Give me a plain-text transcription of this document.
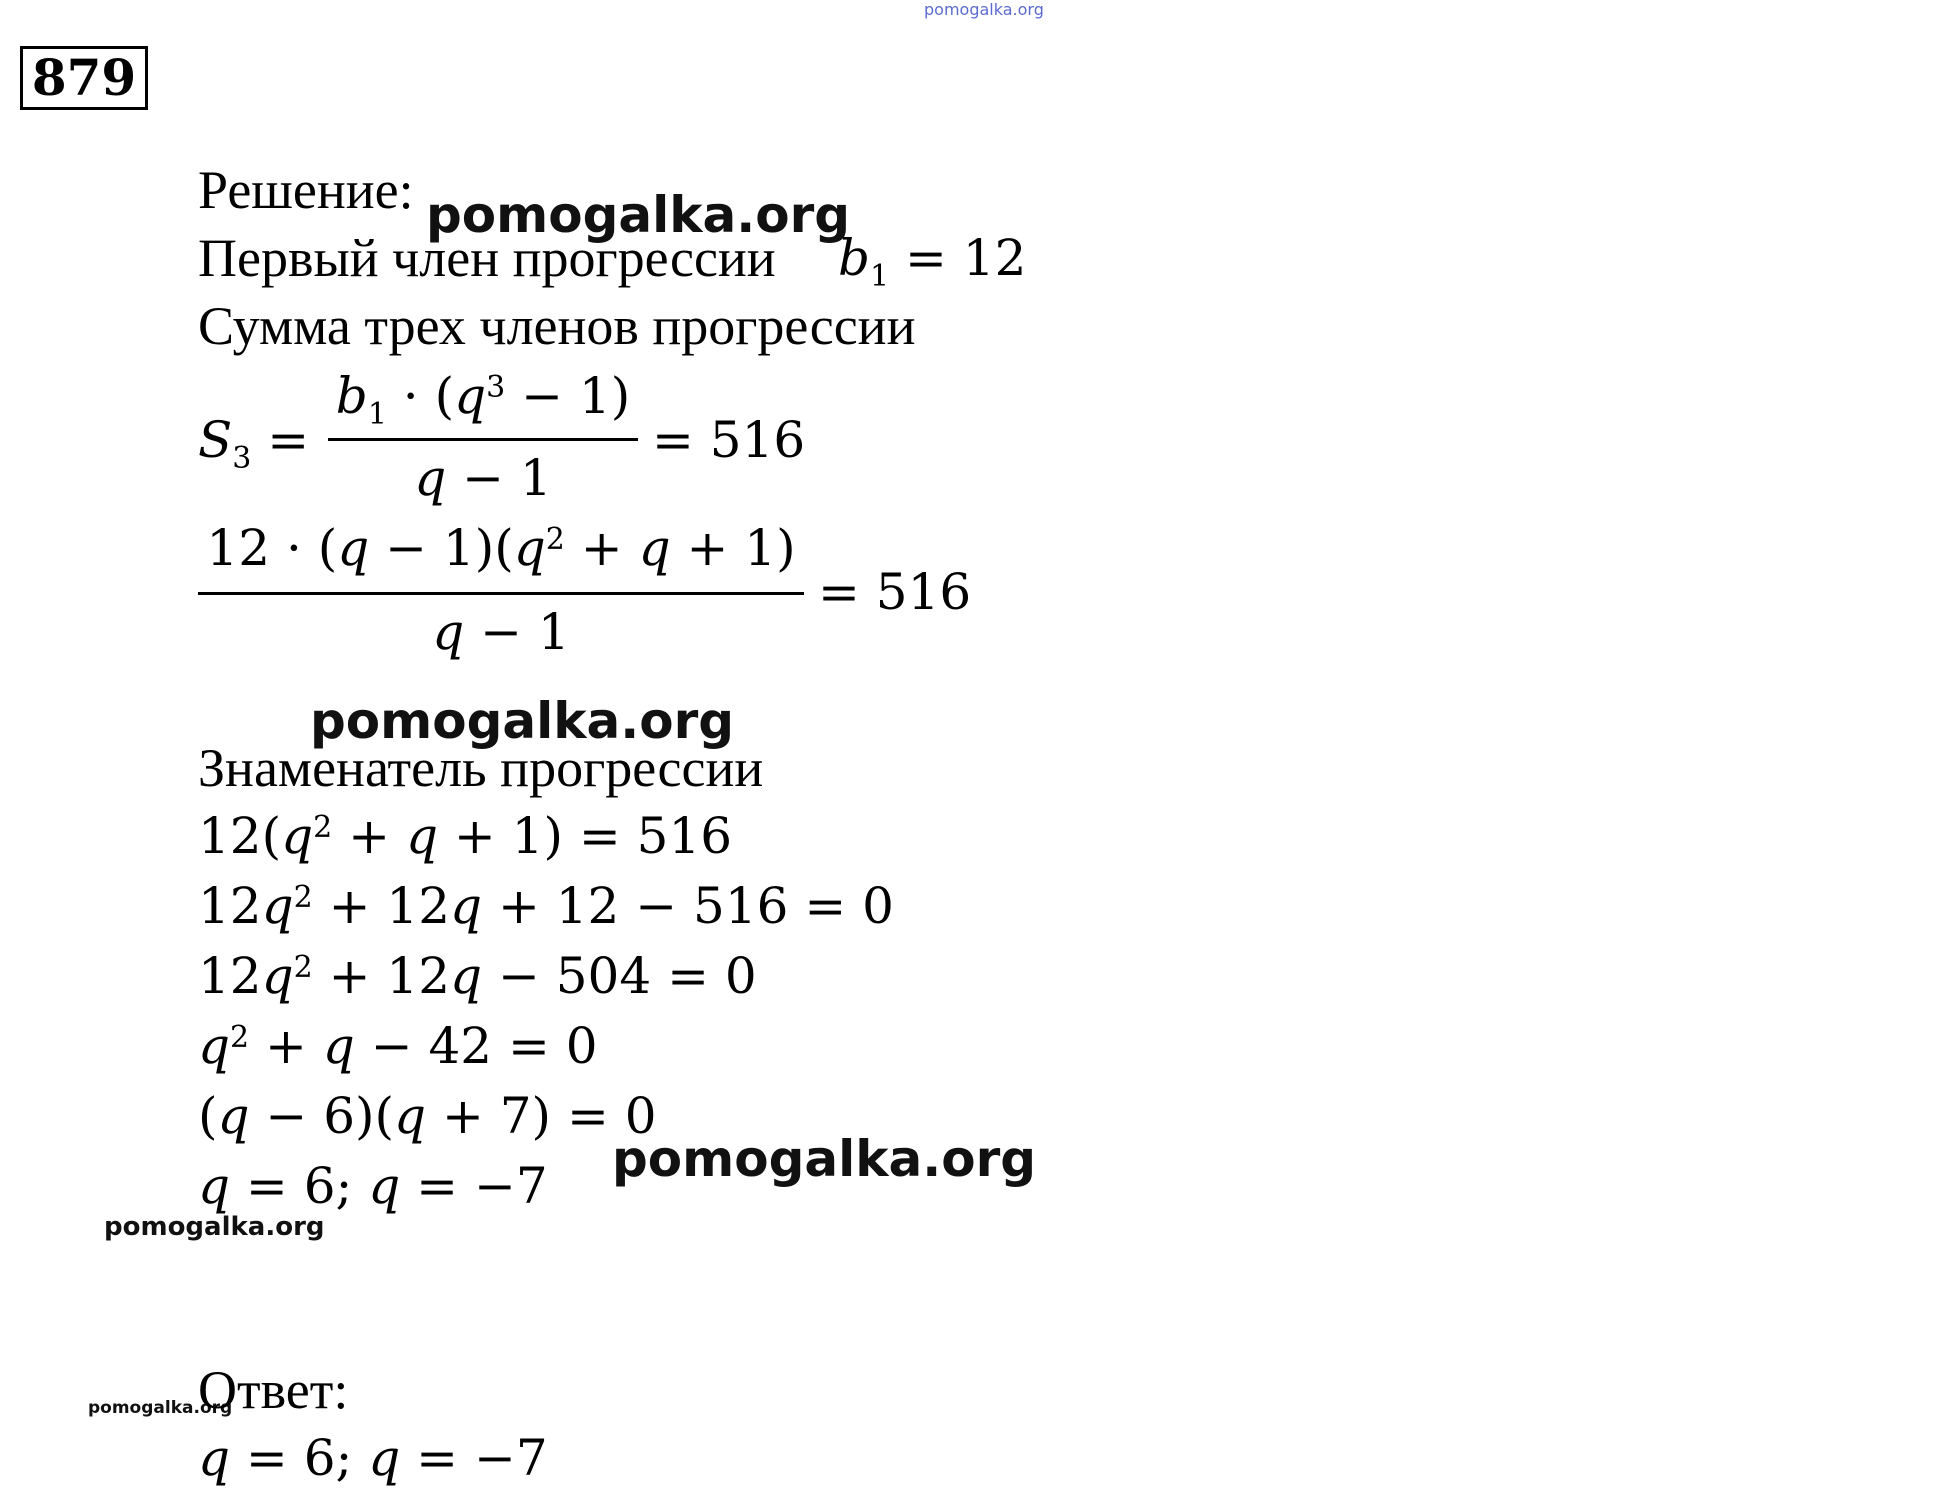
pomogalka.org
879
Решение: pomogalka.org
Первый член прогрессии $b_1 = 12$
Сумма трех членов прогрессии
$S_3$ =
$b_1 \cdot (q^3 - 1)$
q − 1
= 516
$12 \cdot (q - 1)(q^2 + q + 1)$
q − 1
= 516
pomogalka.org
Знаменатель прогрессии
$12(q^2 + q + 1) = 516$
$12q^2 + 12q + 12 - 516 = 0$
$12q^2 + 12q - 504 = 0$
$q^2 + q - 42 = 0$
(q − 6)(q + 7) = 0
q = 6; q = −7 pomogalka.org
pomogalka.org
pomogalka.org
Ответ:
q = 6; q = −7
